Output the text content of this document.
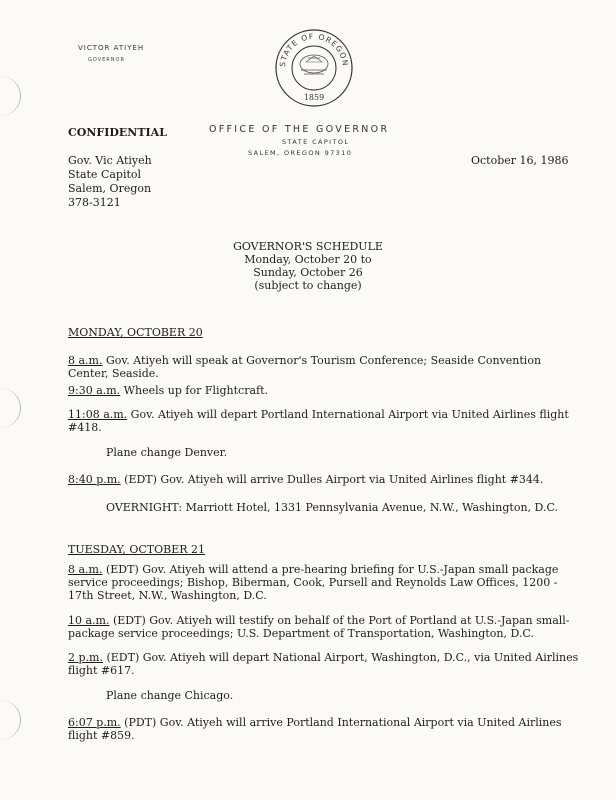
VICTOR ATIYEH
GOVERNOR
STATE OF OREGON
1859
OFFICE OF THE GOVERNOR
STATE CAPITOL
SALEM, OREGON 97310
CONFIDENTIAL
Gov. Vic Atiyeh
State Capitol
Salem, Oregon
378-3121
October 16, 1986
GOVERNOR'S SCHEDULE
Monday, October 20 to
Sunday, October 26
(subject to change)
MONDAY, OCTOBER 20
8 a.m. Gov. Atiyeh will speak at Governor's Tourism Conference; Seaside Convention Center, Seaside.
9:30 a.m. Wheels up for Flightcraft.
11:08 a.m. Gov. Atiyeh will depart Portland International Airport via United Airlines flight #418.
Plane change Denver.
8:40 p.m. (EDT) Gov. Atiyeh will arrive Dulles Airport via United Airlines flight #344.
OVERNIGHT: Marriott Hotel, 1331 Pennsylvania Avenue, N.W., Washington, D.C.
TUESDAY, OCTOBER 21
8 a.m. (EDT) Gov. Atiyeh will attend a pre-hearing briefing for U.S.-Japan small package service proceedings; Bishop, Biberman, Cook, Pursell and Reynolds Law Offices, 1200 - 17th Street, N.W., Washington, D.C.
10 a.m. (EDT) Gov. Atiyeh will testify on behalf of the Port of Portland at U.S.-Japan small-package service proceedings; U.S. Department of Transportation, Washington, D.C.
2 p.m. (EDT) Gov. Atiyeh will depart National Airport, Washington, D.C., via United Airlines flight #617.
Plane change Chicago.
6:07 p.m. (PDT) Gov. Atiyeh will arrive Portland International Airport via United Airlines flight #859.
